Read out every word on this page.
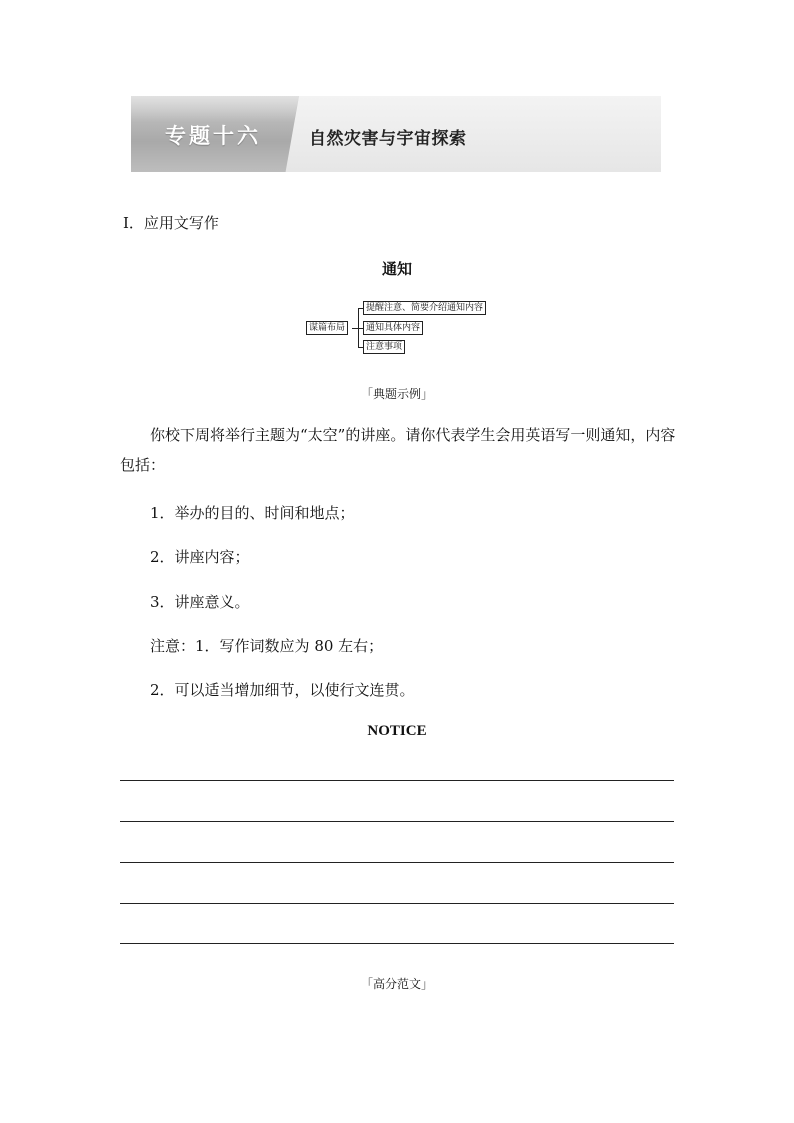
专题十六	自然灾害与宇宙探索
Ⅰ．应用文写作
通知
谋篇布局
提醒注意、简要介绍通知内容
通知具体内容
注意事项
「典题示例」
你校下周将举行主题为“太空”的讲座。请你代表学生会用英语写一则通知，内容包括：
1．举办的目的、时间和地点；
2．讲座内容；
3．讲座意义。
注意：1．写作词数应为 80 左右；
2．可以适当增加细节，以使行文连贯。
NOTICE
「高分范文」
